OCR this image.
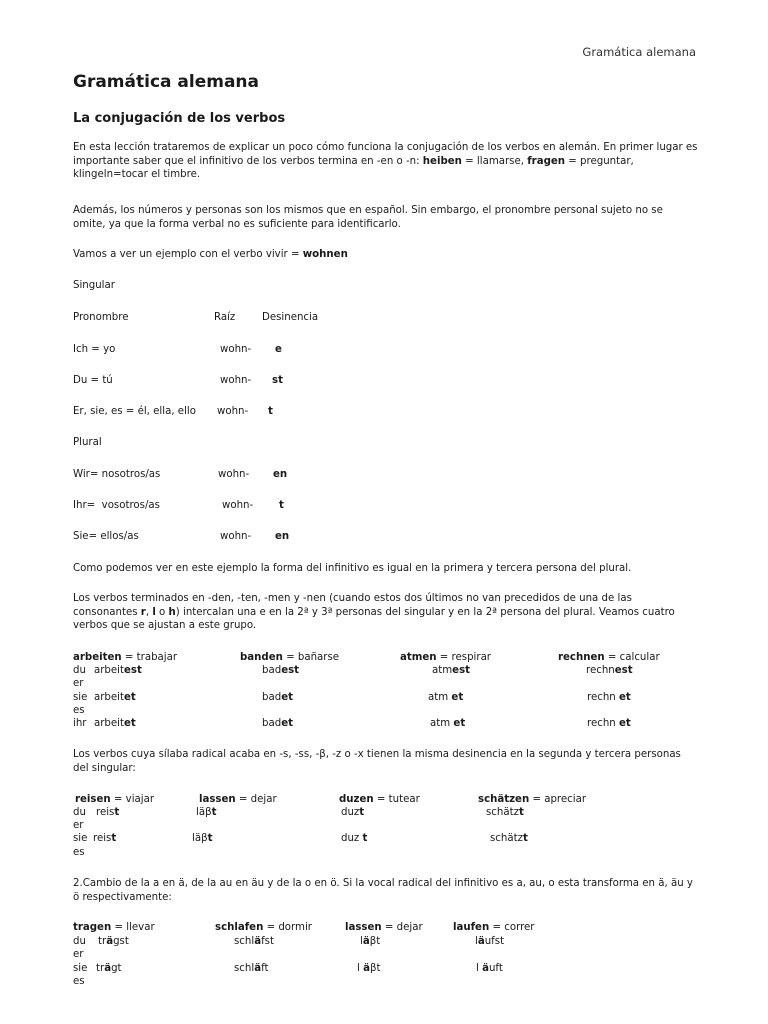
Gramática alemana
Gramática alemana
La conjugación de los verbos

En esta lección trataremos de explicar un poco cómo funciona la conjugación de los verbos en alemán. En primer lugar es importante saber que el infinitivo de los verbos termina en -en o -n: heiben = llamarse, fragen = preguntar, klingeln=tocar el timbre.

Además, los números y personas son los mismos que en español. Sin embargo, el pronombre personal sujeto no se omite, ya que la forma verbal no es suficiente para identificarlo.

Vamos a ver un ejemplo con el verbo vivir = wohnen

Singular
Pronombre	Raíz	Desinencia
Ich = yo	wohn- e
Du = tú	wohn- st
Er, sie, es = él, ella, ello wohn- t
Plural
Wir= nosotros/as	wohn- en
Ihr=  vosotros/as	wohn-	t
Sie= ellos/as	wohn- en

Como podemos ver en este ejemplo la forma del infinitivo es igual en la primera y tercera persona del plural.

Los verbos terminados en -den, -ten, -men y -nen (cuando estos dos últimos no van precedidos de una de las consonantes r, l o h) intercalan una e en la 2ª y 3ª personas del singular y en la 2ª persona del plural. Veamos cuatro verbos que se ajustan a este grupo.

arbeiten = trabajar	banden = bañarse	atmen = respirar	rechnen = calcular
du arbeitest	badest	atmest	rechnest
er
sie arbeitet	badet	atm et	rechn et
es
ihr arbeitet	badet	atm et	rechn et

Los verbos cuya sílaba radical acaba en -s, -ss, -β, -z o -x tienen la misma desinencia en la segunda y tercera personas del singular:

reisen = viajar	lassen = dejar	duzen = tutear	schätzen = apreciar
du reist	läβt	duzt	schätzt
er
sie reist	läβt	duz t	schätzt
es

2.Cambio de la a en ä, de la au en äu y de la o en ö. Si la vocal radical del infinitivo es a, au, o esta transforma en ä, äu y ö respectivamente:

tragen = llevar	schlafen = dormir	lassen = dejar	laufen = correr
du trägst	schläfst	läβt	läufst
er
sie trägt	schläft	l äβt	l äuft
es
